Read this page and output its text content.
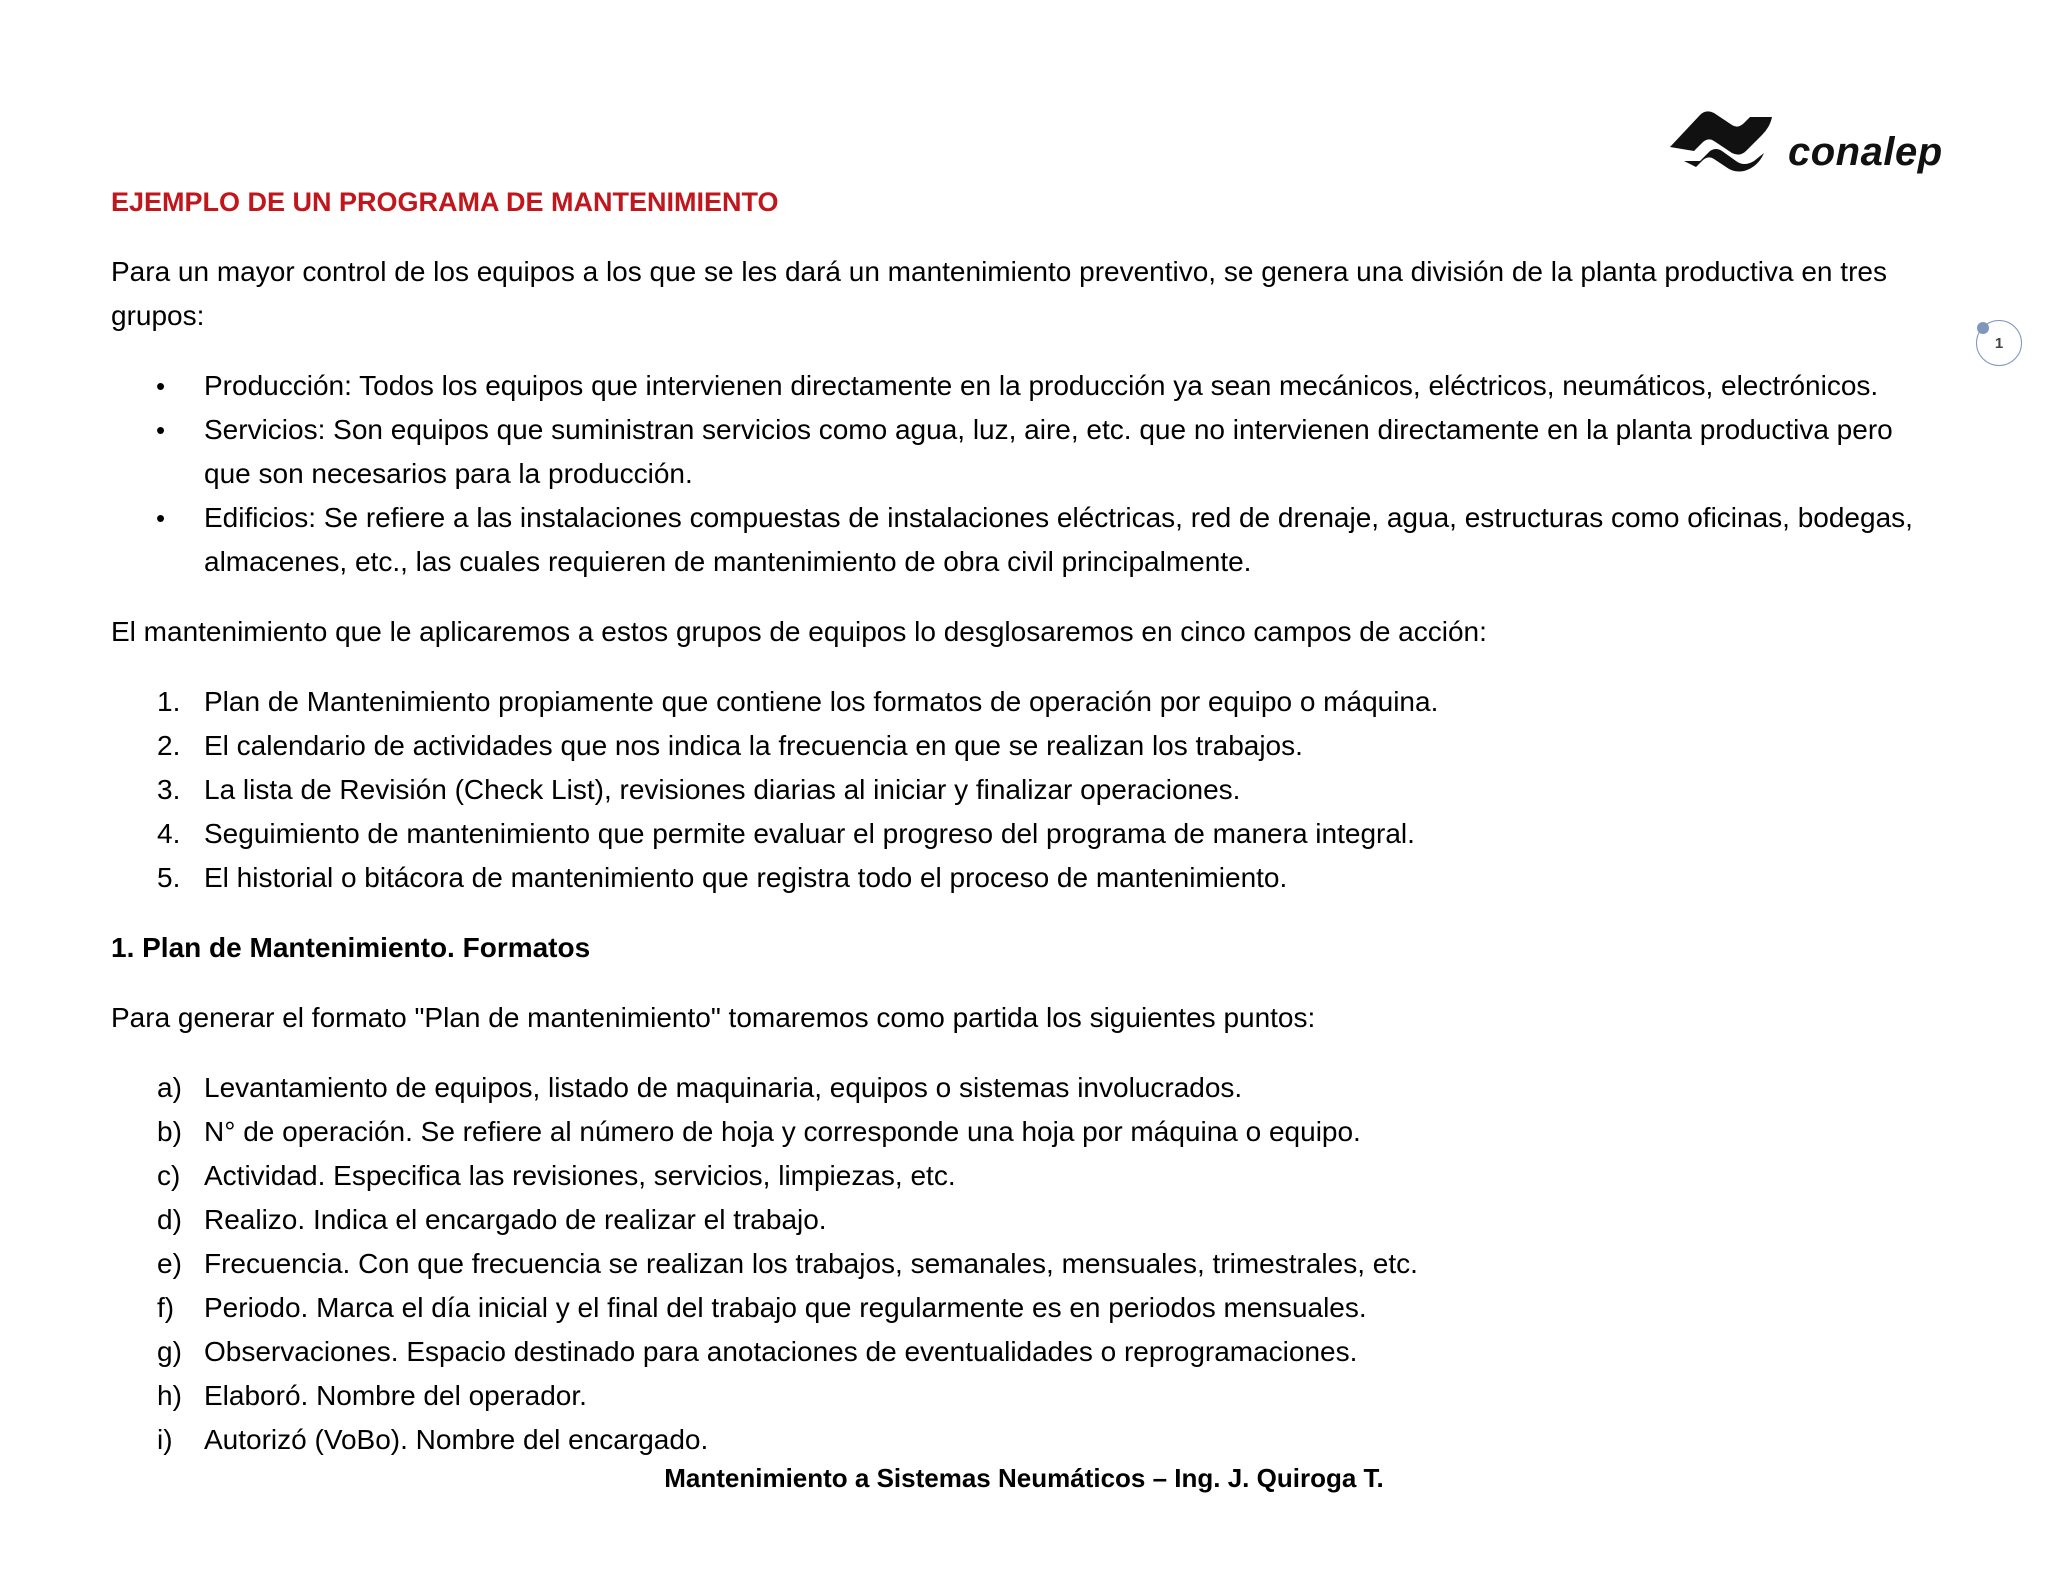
conalep
1
EJEMPLO DE UN PROGRAMA DE MANTENIMIENTO

Para un mayor control de los equipos a los que se les dará un mantenimiento preventivo, se genera una división de la planta productiva en tres grupos:

• Producción: Todos los equipos que intervienen directamente en la producción ya sean mecánicos, eléctricos, neumáticos, electrónicos.
• Servicios: Son equipos que suministran servicios como agua, luz, aire, etc. que no intervienen directamente en la planta productiva pero que son necesarios para la producción.
• Edificios: Se refiere a las instalaciones compuestas de instalaciones eléctricas, red de drenaje, agua, estructuras como oficinas, bodegas, almacenes, etc., las cuales requieren de mantenimiento de obra civil principalmente.

El mantenimiento que le aplicaremos a estos grupos de equipos lo desglosaremos en cinco campos de acción:

1. Plan de Mantenimiento propiamente que contiene los formatos de operación por equipo o máquina.
2. El calendario de actividades que nos indica la frecuencia en que se realizan los trabajos.
3. La lista de Revisión (Check List), revisiones diarias al iniciar y finalizar operaciones.
4. Seguimiento de mantenimiento que permite evaluar el progreso del programa de manera integral.
5. El historial o bitácora de mantenimiento que registra todo el proceso de mantenimiento.

1. Plan de Mantenimiento. Formatos

Para generar el formato "Plan de mantenimiento" tomaremos como partida los siguientes puntos:

a) Levantamiento de equipos, listado de maquinaria, equipos o sistemas involucrados.
b) N° de operación. Se refiere al número de hoja y corresponde una hoja por máquina o equipo.
c) Actividad. Especifica las revisiones, servicios, limpiezas, etc.
d) Realizo. Indica el encargado de realizar el trabajo.
e) Frecuencia. Con que frecuencia se realizan los trabajos, semanales, mensuales, trimestrales, etc.
f) Periodo. Marca el día inicial y el final del trabajo que regularmente es en periodos mensuales.
g) Observaciones. Espacio destinado para anotaciones de eventualidades o reprogramaciones.
h) Elaboró. Nombre del operador.
i) Autorizó (VoBo). Nombre del encargado.
Mantenimiento a Sistemas Neumáticos – Ing. J. Quiroga T.
